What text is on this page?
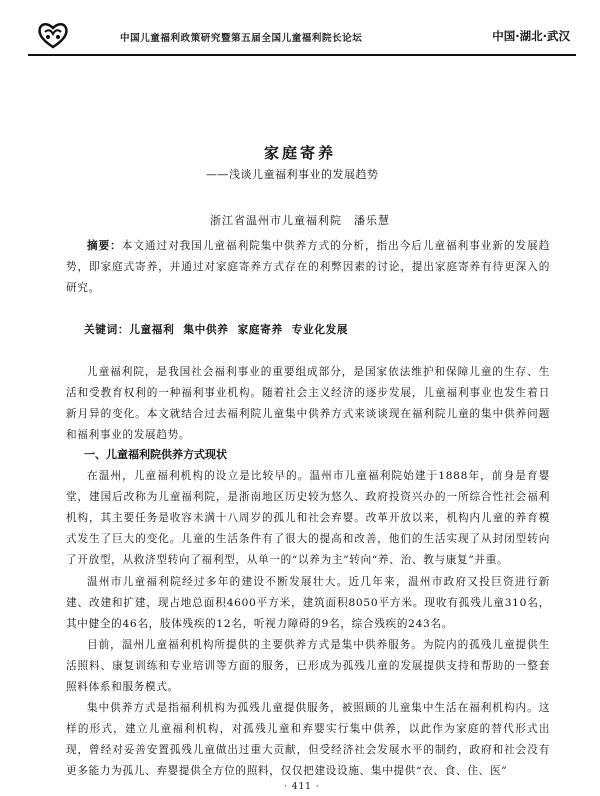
中国儿童福利政策研究暨第五届全国儿童福利院长论坛	中国·湖北·武汉
家庭寄养
——浅谈儿童福利事业的发展趋势
浙江省温州市儿童福利院　潘乐慧

摘要：本文通过对我国儿童福利院集中供养方式的分析，指出今后儿童福利事业新的发展趋势，即家庭式寄养，并通过对家庭寄养方式存在的利弊因素的讨论，提出家庭寄养有待更深入的研究。

关键词：儿童福利 集中供养 家庭寄养 专业化发展

儿童福利院，是我国社会福利事业的重要组成部分，是国家依法维护和保障儿童的生存、生活和受教育权利的一种福利事业机构。随着社会主义经济的逐步发展，儿童福利事业也发生着日新月异的变化。本文就结合过去福利院儿童集中供养方式来谈谈现在福利院儿童的集中供养问题和福利事业的发展趋势。

一、儿童福利院供养方式现状

在温州，儿童福利机构的设立是比较早的。温州市儿童福利院始建于1888年，前身是育婴堂，建国后改称为儿童福利院，是浙南地区历史较为悠久、政府投资兴办的一所综合性社会福利机构，其主要任务是收容未满十八周岁的孤儿和社会弃婴。改革开放以来，机构内儿童的养育模式发生了巨大的变化。儿童的生活条件有了很大的提高和改善，他们的生活实现了从封闭型转向了开放型，从救济型转向了福利型，从单一的“以养为主”转向“养、治、教与康复”并重。

温州市儿童福利院经过多年的建设不断发展壮大。近几年来，温州市政府又投巨资进行新建、改建和扩建，现占地总面积4600平方米，建筑面积8050平方米。现收有孤残儿童310名，其中健全的46名，肢体残疾的12名，听视力障碍的9名，综合残疾的243名。

目前，温州儿童福利机构所提供的主要供养方式是集中供养服务。为院内的孤残儿童提供生活照料、康复训练和专业培训等方面的服务，已形成为孤残儿童的发展提供支持和帮助的一整套照料体系和服务模式。

集中供养方式是指福利机构为孤残儿童提供服务，被照顾的儿童集中生活在福利机构内。这样的形式，建立儿童福利机构，对孤残儿童和弃婴实行集中供养，以此作为家庭的替代形式出现，曾经对妥善安置孤残儿童做出过重大贡献，但受经济社会发展水平的制约，政府和社会没有更多能力为孤儿、弃婴提供全方位的照料，仅仅把建设设施、集中提供“衣、食、住、医”

· 411 ·
